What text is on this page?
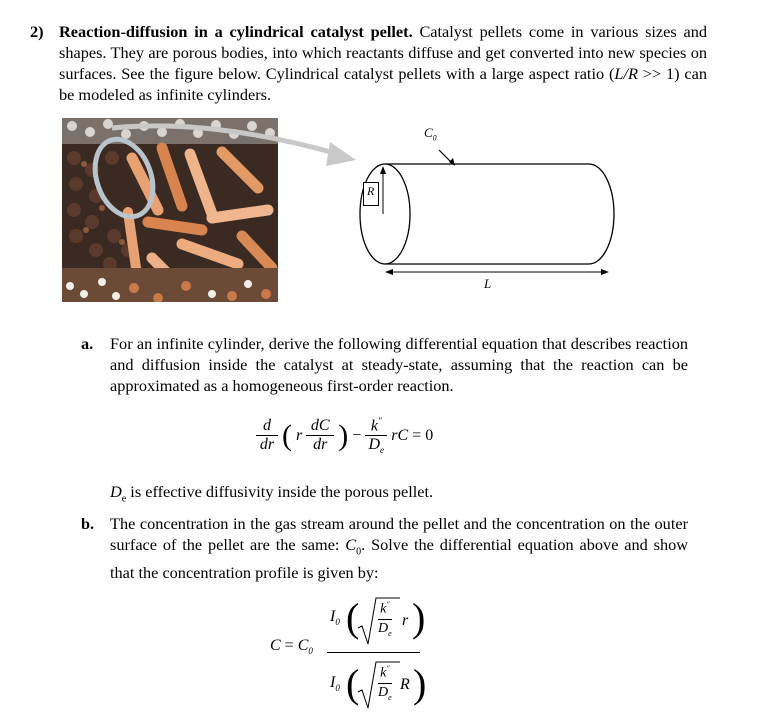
2) Reaction-diffusion in a cylindrical catalyst pellet. Catalyst pellets come in various sizes and shapes. They are porous bodies, into which reactants diffuse and get converted into new species on surfaces. See the figure below. Cylindrical catalyst pellets with a large aspect ratio (L/R >> 1) can be modeled as infinite cylinders.
$C_0$
R
L
a. For an infinite cylinder, derive the following differential equation that describes reaction and diffusion inside the catalyst at steady-state, assuming that the reaction can be approximated as a homogeneous first-order reaction.
$\frac{d}{dr}$ ( r $\frac{dC}{dr}$ ) − $\frac{k''}{D_e}$ rC = 0
$D_e$ is effective diffusivity inside the porous pellet.
b. The concentration in the gas stream around the pellet and the concentration on the outer surface of the pellet are the same: $C_0$. Solve the differential equation above and show that the concentration profile is given by:
$C = C_0$
$I_0$ ( $\frac{k''}{D_e}$ r )
$I_0$ ( $\frac{k''}{D_e}$ R )
